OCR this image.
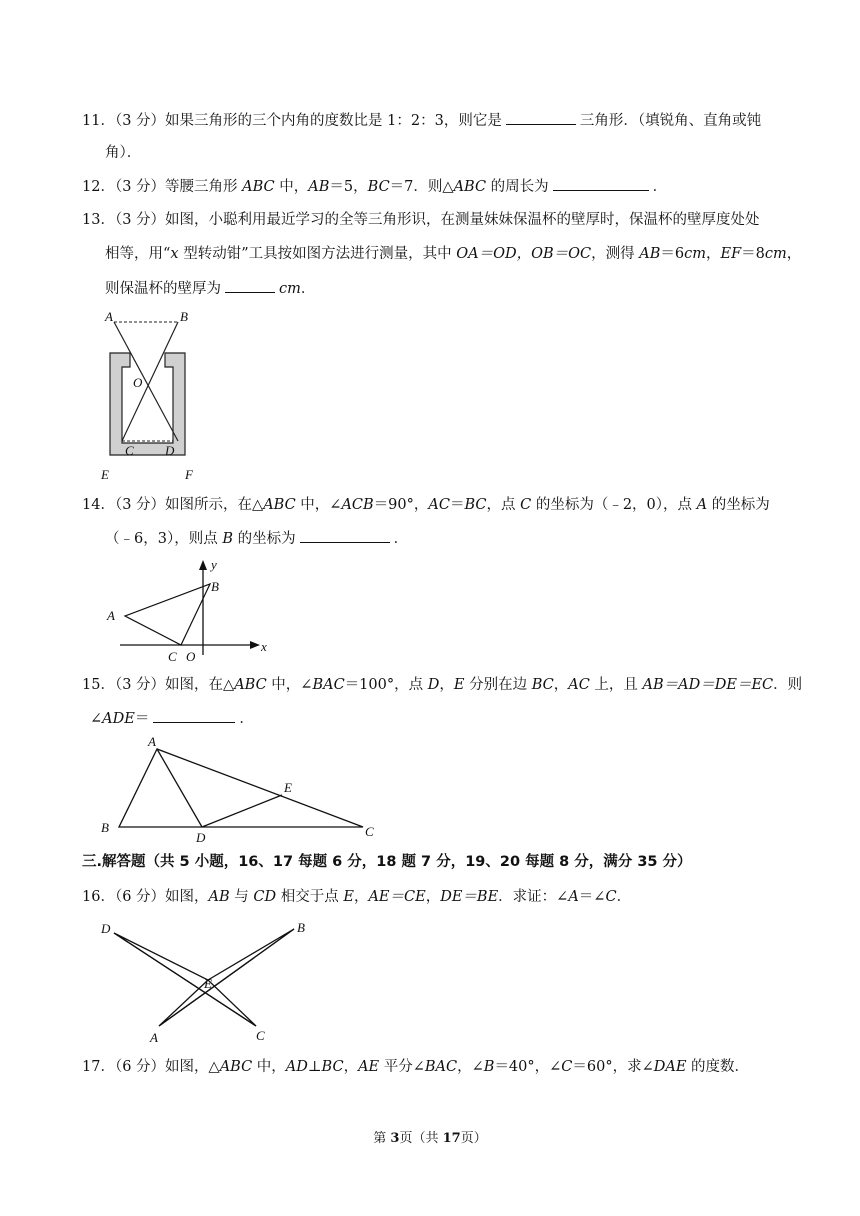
11．（3 分）如果三角形的三个内角的度数比是 1：2：3，则它是	三角形．（填锐角、直角或钝
角）．
12．（3 分）等腰三角形 ABC 中，AB＝5，BC＝7．则△ABC 的周长为	．
13．（3 分）如图，小聪利用最近学习的全等三角形识，在测量妹妹保温杯的壁厚时，保温杯的壁厚度处处
相等，用“x 型转动钳”工具按如图方法进行测量，其中 OA＝OD，OB＝OC，测得 AB＝6cm，EF＝8cm，
则保温杯的壁厚为	cm．
A	B
O
C D
E	F
14．（3 分）如图所示，在△ABC 中，∠ACB＝90°，AC＝BC，点 C 的坐标为（﹣2，0），点 A 的坐标为
（﹣6，3），则点 B 的坐标为	．
y
x
A
B
C O
15．（3 分）如图，在△ABC 中，∠BAC＝100°，点 D，E 分别在边 BC，AC 上，且 AB＝AD＝DE＝EC．则
∠ADE＝	．
A
B	C
D
E
三.解答题（共 5 小题，16、17 每题 6 分，18 题 7 分，19、20 每题 8 分，满分 35 分）
16．（6 分）如图，AB 与 CD 相交于点 E，AE＝CE，DE＝BE．求证：∠A＝∠C．
D	B
E
A	C
17．（6 分）如图，△ABC 中，AD⊥BC，AE 平分∠BAC，∠B＝40°，∠C＝60°，求∠DAE 的度数．
第 3页（共 17页）
